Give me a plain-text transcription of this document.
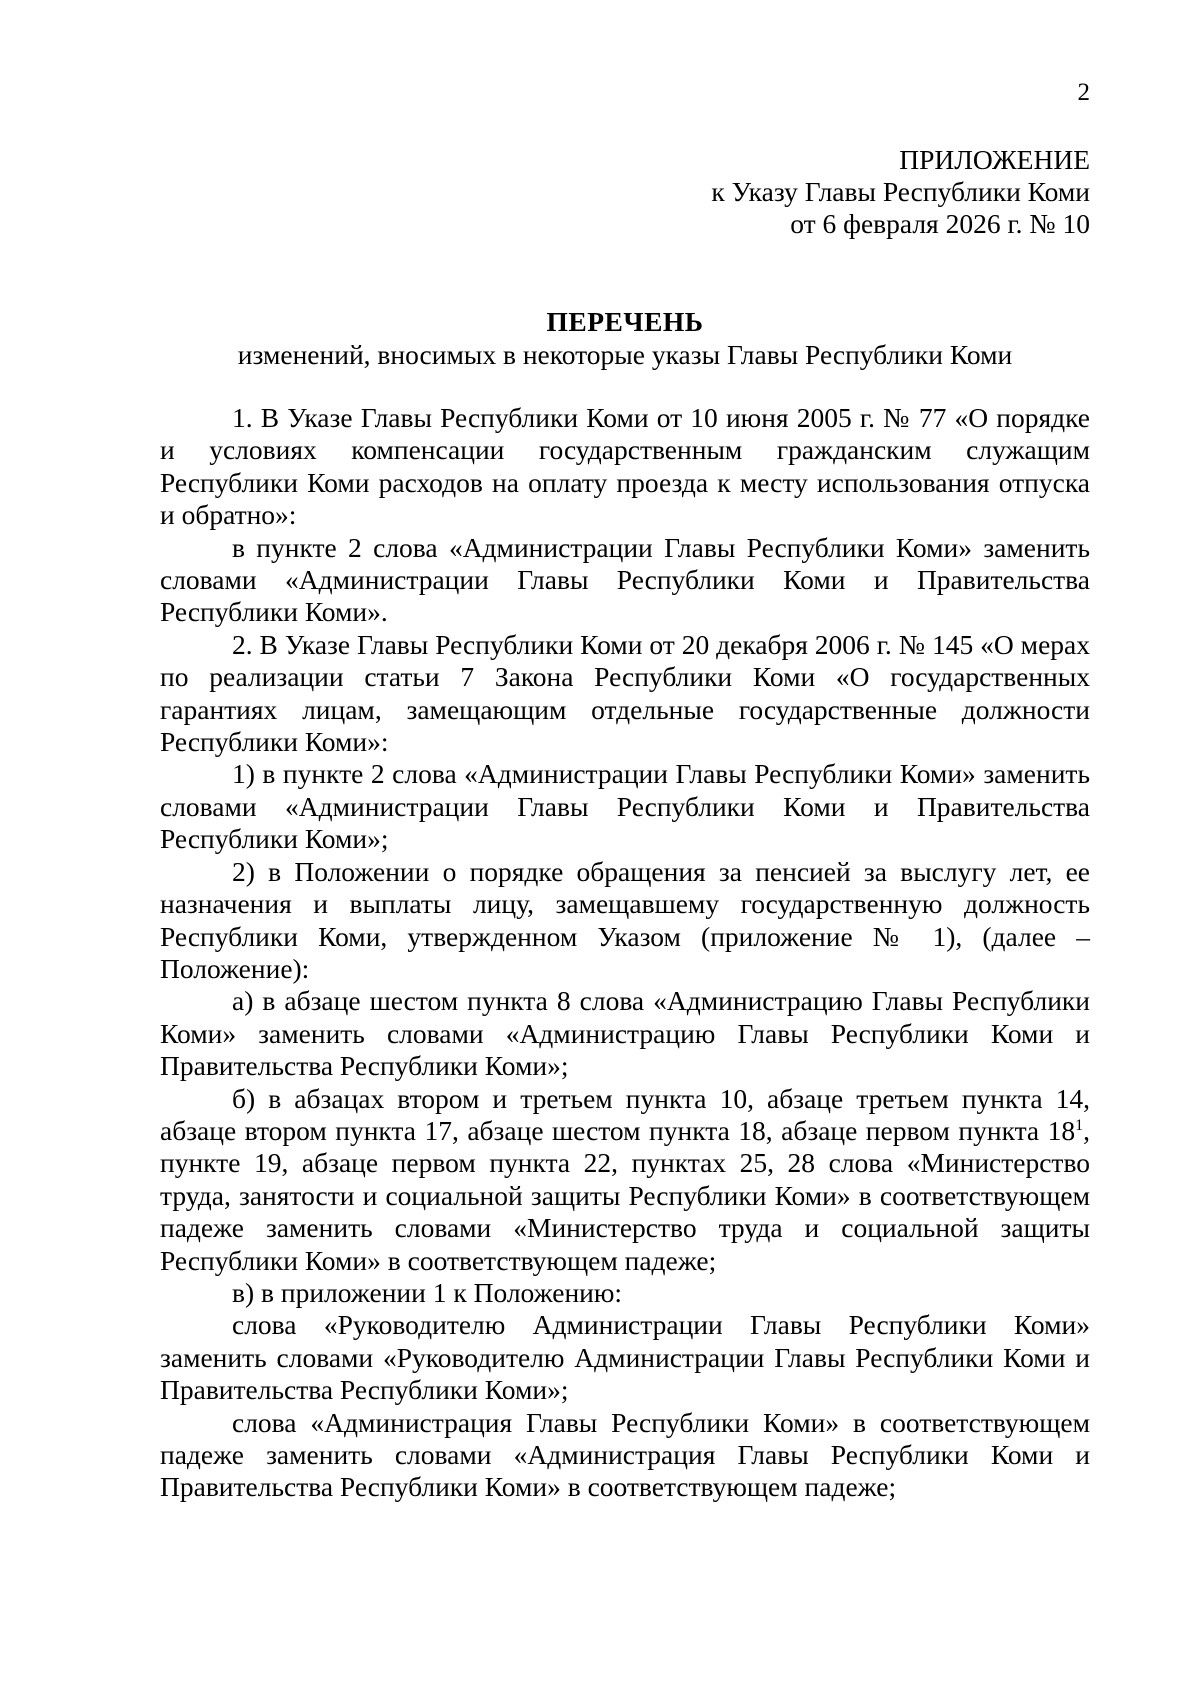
2
ПРИЛОЖЕНИЕ
к Указу Главы Республики Коми
от 6 февраля 2026 г. № 10
ПЕРЕЧЕНЬ
изменений, вносимых в некоторые указы Главы Республики Коми

1. В Указе Главы Республики Коми от 10 июня 2005 г. № 77 «О порядке и условиях компенсации государственным гражданским служащим Республики Коми расходов на оплату проезда к месту использования отпуска и обратно»:

в пункте 2 слова «Администрации Главы Республики Коми» заменить словами «Администрации Главы Республики Коми и Правительства Республики Коми».

2. В Указе Главы Республики Коми от 20 декабря 2006 г. № 145 «О мерах по реализации статьи 7 Закона Республики Коми «О государственных гарантиях лицам, замещающим отдельные государственные должности Республики Коми»:

1) в пункте 2 слова «Администрации Главы Республики Коми» заменить словами «Администрации Главы Республики Коми и Правительства Республики Коми»;

2) в Положении о порядке обращения за пенсией за выслугу лет, ее назначения и выплаты лицу, замещавшему государственную должность Республики Коми, утвержденном Указом (приложение № 1), (далее – Положение):

а) в абзаце шестом пункта 8 слова «Администрацию Главы Республики Коми» заменить словами «Администрацию Главы Республики Коми и Правительства Республики Коми»;

б) в абзацах втором и третьем пункта 10, абзаце третьем пункта 14, абзаце втором пункта 17, абзаце шестом пункта 18, абзаце первом пункта $18^1$, пункте 19, абзаце первом пункта 22, пунктах 25, 28 слова «Министерство труда, занятости и социальной защиты Республики Коми» в соответствующем падеже заменить словами «Министерство труда и социальной защиты Республики Коми» в соответствующем падеже;

в) в приложении 1 к Положению:

слова «Руководителю Администрации Главы Республики Коми» заменить словами «Руководителю Администрации Главы Республики Коми и Правительства Республики Коми»;

слова «Администрация Главы Республики Коми» в соответствующем падеже заменить словами «Администрация Главы Республики Коми и Правительства Республики Коми» в соответствующем падеже;
